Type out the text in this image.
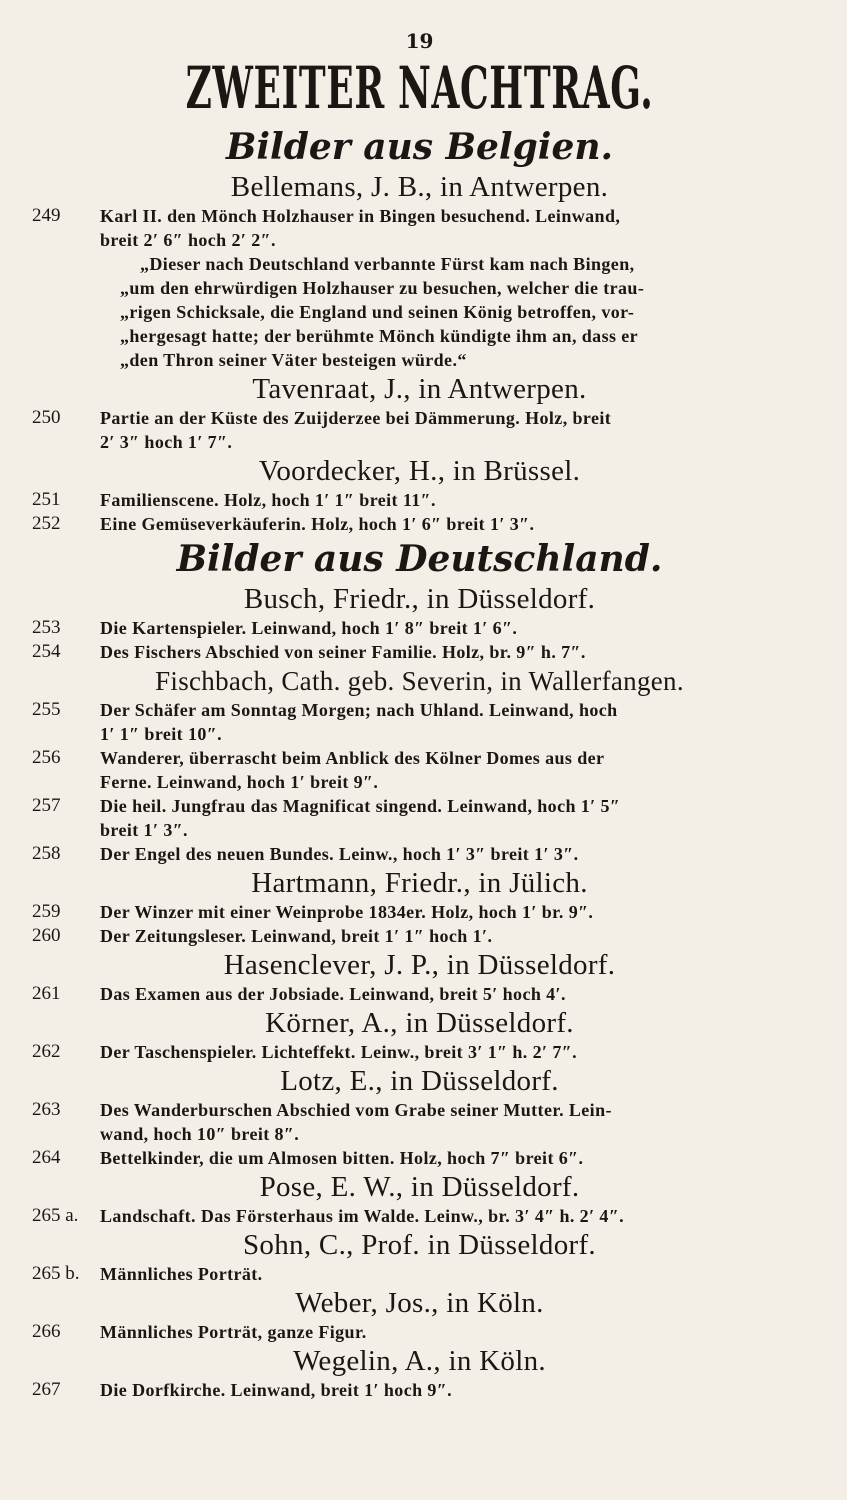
19
ZWEITER NACHTRAG.
Bilder aus Belgien.
Bellemans, J. B., in Antwerpen.
249	Karl II. den Mönch Holzhauser in Bingen besuchend. Leinwand,
breit 2′ 6″ hoch 2′ 2″.
„Dieser nach Deutschland verbannte Fürst kam nach Bingen,
„um den ehrwürdigen Holzhauser zu besuchen, welcher die trau-
„rigen Schicksale, die England und seinen König betroffen, vor-
„hergesagt hatte; der berühmte Mönch kündigte ihm an, dass er
„den Thron seiner Väter besteigen würde.“
Tavenraat, J., in Antwerpen.
250	Partie an der Küste des Zuijderzee bei Dämmerung. Holz, breit
2′ 3″ hoch 1′ 7″.
Voordecker, H., in Brüssel.
251	Familienscene. Holz, hoch 1′ 1″ breit 11″.
252	Eine Gemüseverkäuferin. Holz, hoch 1′ 6″ breit 1′ 3″.
Bilder aus Deutschland.
Busch, Friedr., in Düsseldorf.
253	Die Kartenspieler. Leinwand, hoch 1′ 8″ breit 1′ 6″.
254	Des Fischers Abschied von seiner Familie. Holz, br. 9″ h. 7″.
Fischbach, Cath. geb. Severin, in Wallerfangen.
255	Der Schäfer am Sonntag Morgen; nach Uhland. Leinwand, hoch
1′ 1″ breit 10″.
256	Wanderer, überrascht beim Anblick des Kölner Domes aus der
Ferne. Leinwand, hoch 1′ breit 9″.
257	Die heil. Jungfrau das Magnificat singend. Leinwand, hoch 1′ 5″
breit 1′ 3″.
258	Der Engel des neuen Bundes. Leinw., hoch 1′ 3″ breit 1′ 3″.
Hartmann, Friedr., in Jülich.
259	Der Winzer mit einer Weinprobe 1834er. Holz, hoch 1′ br. 9″.
260	Der Zeitungsleser. Leinwand, breit 1′ 1″ hoch 1′.
Hasenclever, J. P., in Düsseldorf.
261	Das Examen aus der Jobsiade. Leinwand, breit 5′ hoch 4′.
Körner, A., in Düsseldorf.
262	Der Taschenspieler. Lichteffekt. Leinw., breit 3′ 1″ h. 2′ 7″.
Lotz, E., in Düsseldorf.
263	Des Wanderburschen Abschied vom Grabe seiner Mutter. Lein-
wand, hoch 10″ breit 8″.
264	Bettelkinder, die um Almosen bitten. Holz, hoch 7″ breit 6″.
Pose, E. W., in Düsseldorf.
265 a.	Landschaft. Das Försterhaus im Walde. Leinw., br. 3′ 4″ h. 2′ 4″.
Sohn, C., Prof. in Düsseldorf.
265 b.	Männliches Porträt.
Weber, Jos., in Köln.
266	Männliches Porträt, ganze Figur.
Wegelin, A., in Köln.
267	Die Dorfkirche. Leinwand, breit 1′ hoch 9″.
